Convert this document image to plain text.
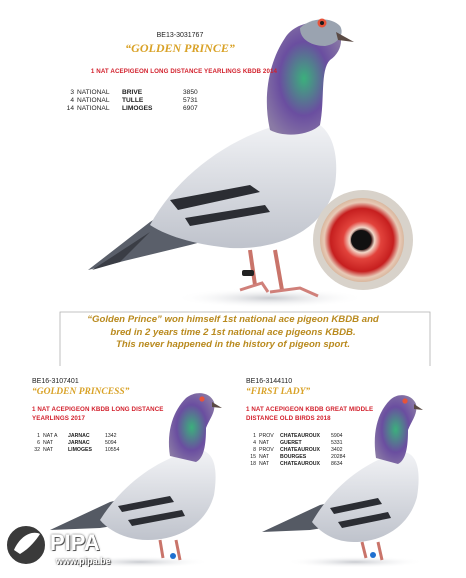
BE13-3031767
“GOLDEN PRINCE”
1 NAT ACEPIGEON LONG DISTANCE YEARLINGS KBDB 2014
3	NATIONAL	BRIVE	3850
4	NATIONAL	TULLE	5731
14	NATIONAL	LIMOGES	6907
“Golden Prince” won himself 1st national ace pigeon KBDB and
bred in 2 years time 2 1st national ace pigeons KBDB.
This never happened in the history of pigeon sport.
BE16-3107401
“GOLDEN PRINCESS”
1 NAT ACEPIGEON KBDB LONG DISTANCE
YEARLINGS 2017
1	NAT A	JARNAC	1342
6	NAT	JARNAC	5094
32	NAT	LIMOGES	10554
BE16-3144110
“FIRST LADY”
1 NAT ACEPIGEON KBDB GREAT MIDDLE
DISTANCE OLD BIRDS 2018
1	PROV	CHATEAUROUX	5904
4	NAT	GUERET	5331
8	PROV	CHATEAUROUX	3402
15	NAT	BOURGES	20284
18	NAT	CHATEAUROUX	8634
PIPA
www.pipa.be
